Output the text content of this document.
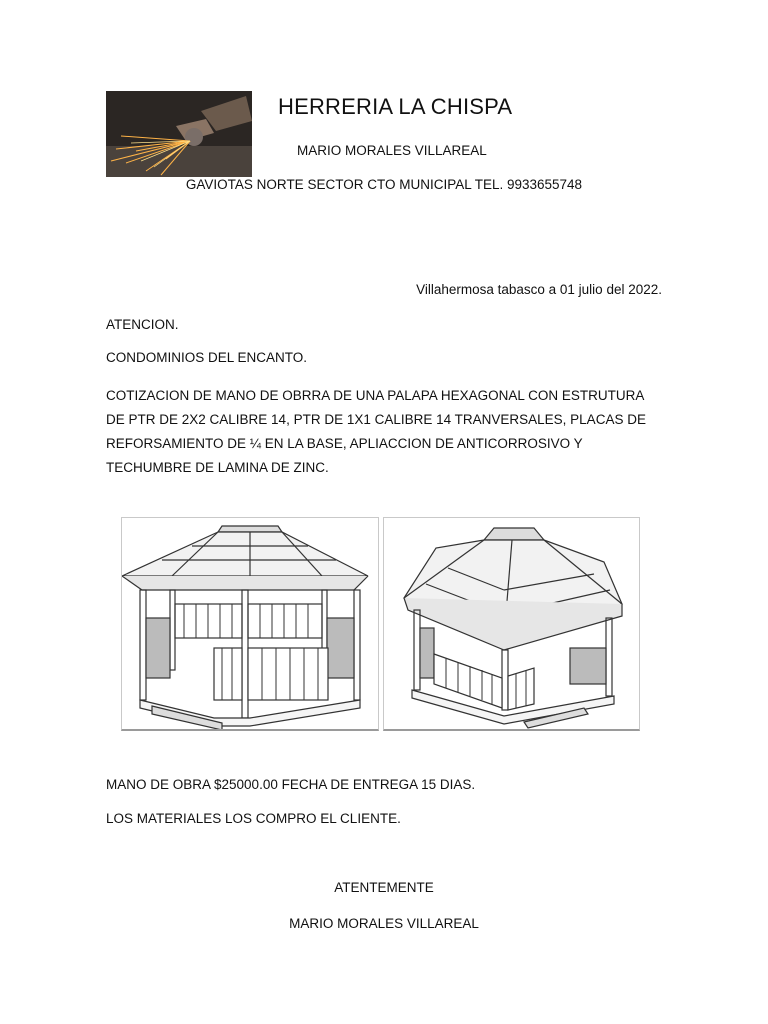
HERRERIA LA CHISPA
MARIO MORALES VILLAREAL
GAVIOTAS NORTE SECTOR CTO MUNICIPAL TEL. 9933655748
Villahermosa tabasco a 01 julio del 2022.
ATENCION.
CONDOMINIOS DEL ENCANTO.
COTIZACION DE MANO DE OBRRA DE UNA PALAPA HEXAGONAL CON ESTRUTURA DE PTR DE 2X2 CALIBRE 14, PTR DE 1X1 CALIBRE 14 TRANVERSALES, PLACAS DE REFORSAMIENTO DE ¼ EN LA BASE, APLIACCION DE ANTICORROSIVO Y TECHUMBRE DE LAMINA DE ZINC.
MANO DE OBRA $25000.00 FECHA DE ENTREGA 15 DIAS.
LOS MATERIALES LOS COMPRO EL CLIENTE.
ATENTEMENTE
MARIO MORALES VILLAREAL
